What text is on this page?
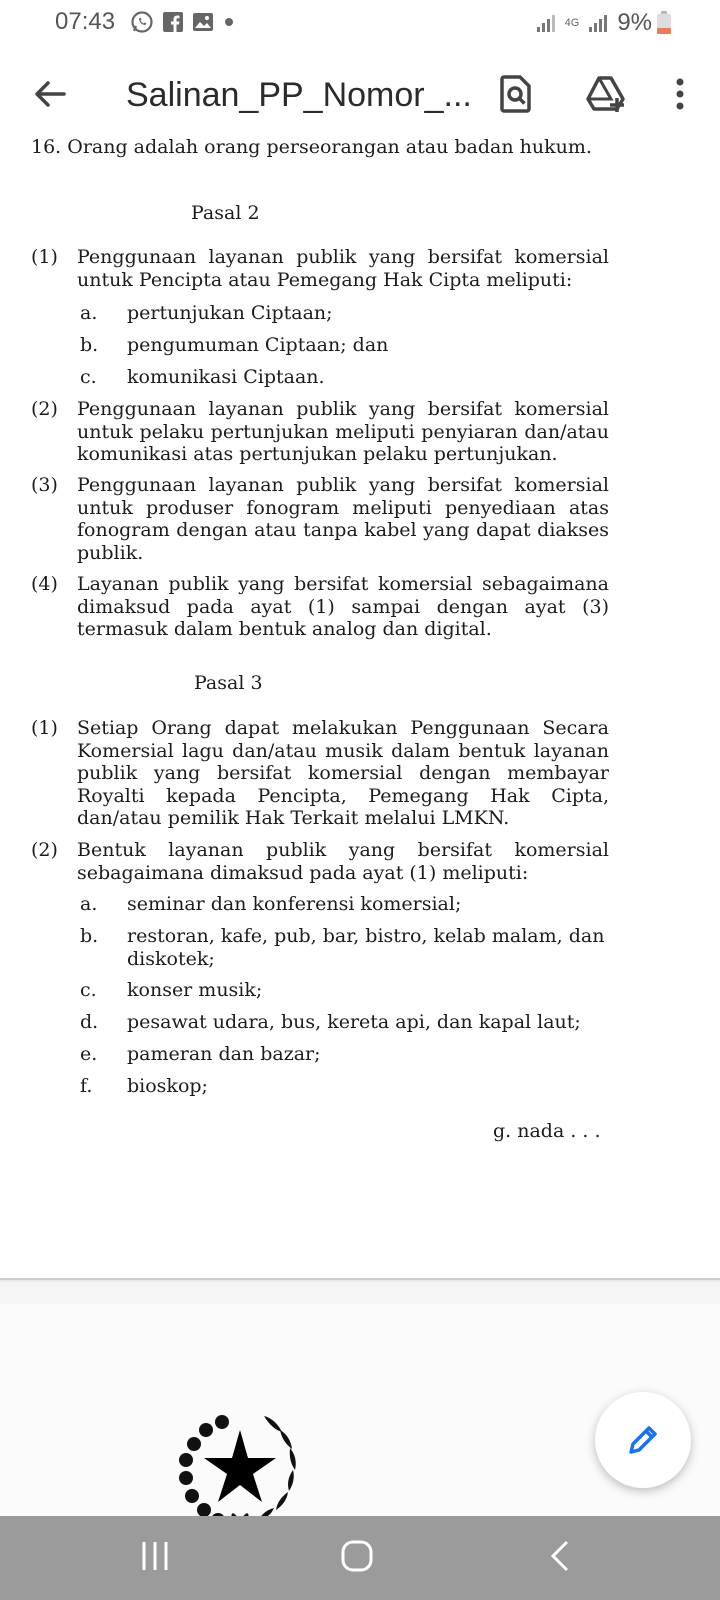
07:43	4G 9%
Salinan_PP_Nomor_...
16. Orang adalah orang perseorangan atau badan hukum.
Pasal 2
(1) Penggunaan layanan publik yang bersifat komersial untuk Pencipta atau Pemegang Hak Cipta meliputi:
a. pertunjukan Ciptaan;
b. pengumuman Ciptaan; dan
c. komunikasi Ciptaan.
(2) Penggunaan layanan publik yang bersifat komersial untuk pelaku pertunjukan meliputi penyiaran dan/atau komunikasi atas pertunjukan pelaku pertunjukan.
(3) Penggunaan layanan publik yang bersifat komersial untuk produser fonogram meliputi penyediaan atas fonogram dengan atau tanpa kabel yang dapat diakses publik.
(4) Layanan publik yang bersifat komersial sebagaimana dimaksud pada ayat (1) sampai dengan ayat (3) termasuk dalam bentuk analog dan digital.
Pasal 3
(1) Setiap Orang dapat melakukan Penggunaan Secara Komersial lagu dan/atau musik dalam bentuk layanan publik yang bersifat komersial dengan membayar Royalti kepada Pencipta, Pemegang Hak Cipta, dan/atau pemilik Hak Terkait melalui LMKN.
(2) Bentuk layanan publik yang bersifat komersial sebagaimana dimaksud pada ayat (1) meliputi:
a. seminar dan konferensi komersial;
b. restoran, kafe, pub, bar, bistro, kelab malam, dan diskotek;
c. konser musik;
d. pesawat udara, bus, kereta api, dan kapal laut;
e. pameran dan bazar;
f. bioskop;
g. nada . . .
